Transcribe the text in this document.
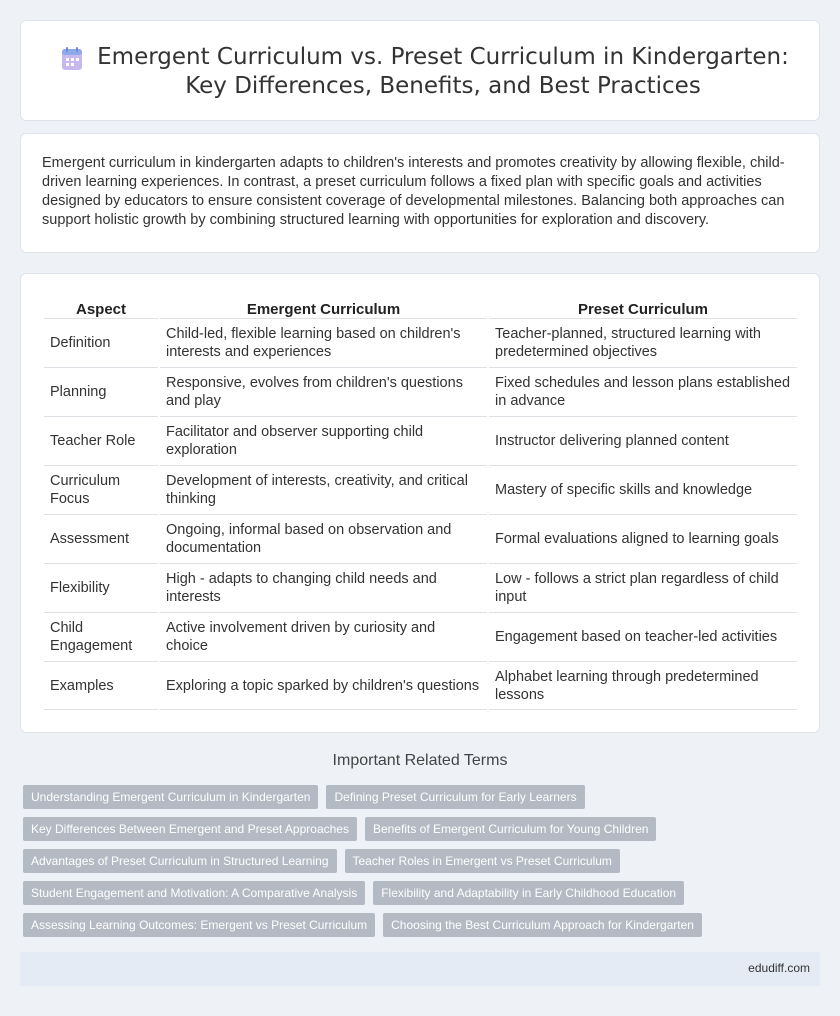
Emergent Curriculum vs. Preset Curriculum in Kindergarten: Key Differences, Benefits, and Best Practices

Emergent curriculum in kindergarten adapts to children's interests and promotes creativity by allowing flexible, child-driven learning experiences. In contrast, a preset curriculum follows a fixed plan with specific goals and activities designed by educators to ensure consistent coverage of developmental milestones. Balancing both approaches can support holistic growth by combining structured learning with opportunities for exploration and discovery.

Aspect	Emergent Curriculum	Preset Curriculum
Definition	Child-led, flexible learning based on children's interests and experiences	Teacher-planned, structured learning with predetermined objectives
Planning	Responsive, evolves from children's questions and play	Fixed schedules and lesson plans established in advance
Teacher Role	Facilitator and observer supporting child exploration	Instructor delivering planned content
Curriculum Focus	Development of interests, creativity, and critical thinking	Mastery of specific skills and knowledge
Assessment	Ongoing, informal based on observation and documentation	Formal evaluations aligned to learning goals
Flexibility	High - adapts to changing child needs and interests	Low - follows a strict plan regardless of child input
Child Engagement	Active involvement driven by curiosity and choice	Engagement based on teacher-led activities
Examples	Exploring a topic sparked by children's questions	Alphabet learning through predetermined lessons
Important Related Terms
Understanding Emergent Curriculum in Kindergarten	Defining Preset Curriculum for Early Learners
Key Differences Between Emergent and Preset Approaches	Benefits of Emergent Curriculum for Young Children
Advantages of Preset Curriculum in Structured Learning	Teacher Roles in Emergent vs Preset Curriculum
Student Engagement and Motivation: A Comparative Analysis	Flexibility and Adaptability in Early Childhood Education
Assessing Learning Outcomes: Emergent vs Preset Curriculum	Choosing the Best Curriculum Approach for Kindergarten
edudiff.com
